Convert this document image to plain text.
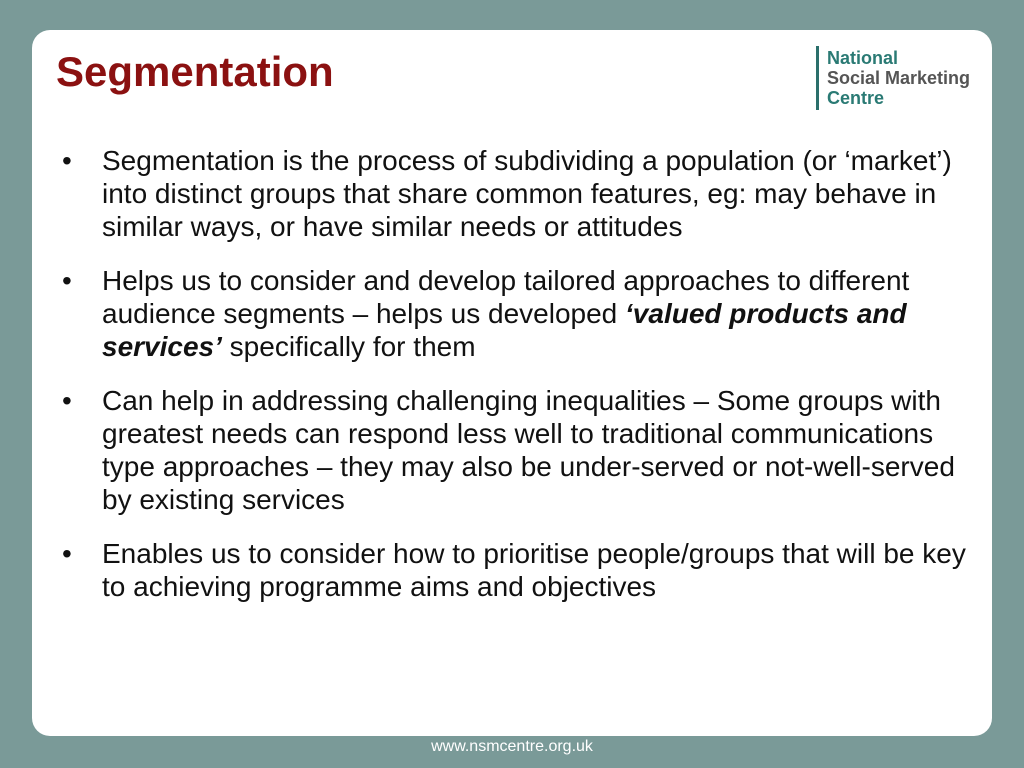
Segmentation	National
Social Marketing
Centre
• Segmentation is the process of subdividing a population (or ‘market’) into distinct groups that share common features, eg: may behave in similar ways, or have similar needs or attitudes
• Helps us to consider and develop tailored approaches to different audience segments – helps us developed ‘valued products and services’ specifically for them
• Can help in addressing challenging inequalities – Some groups with greatest needs can respond less well to traditional communications type approaches – they may also be under-served or not-well-served by existing services
• Enables us to consider how to prioritise people/groups that will be key to achieving programme aims and objectives
www.nsmcentre.org.uk
